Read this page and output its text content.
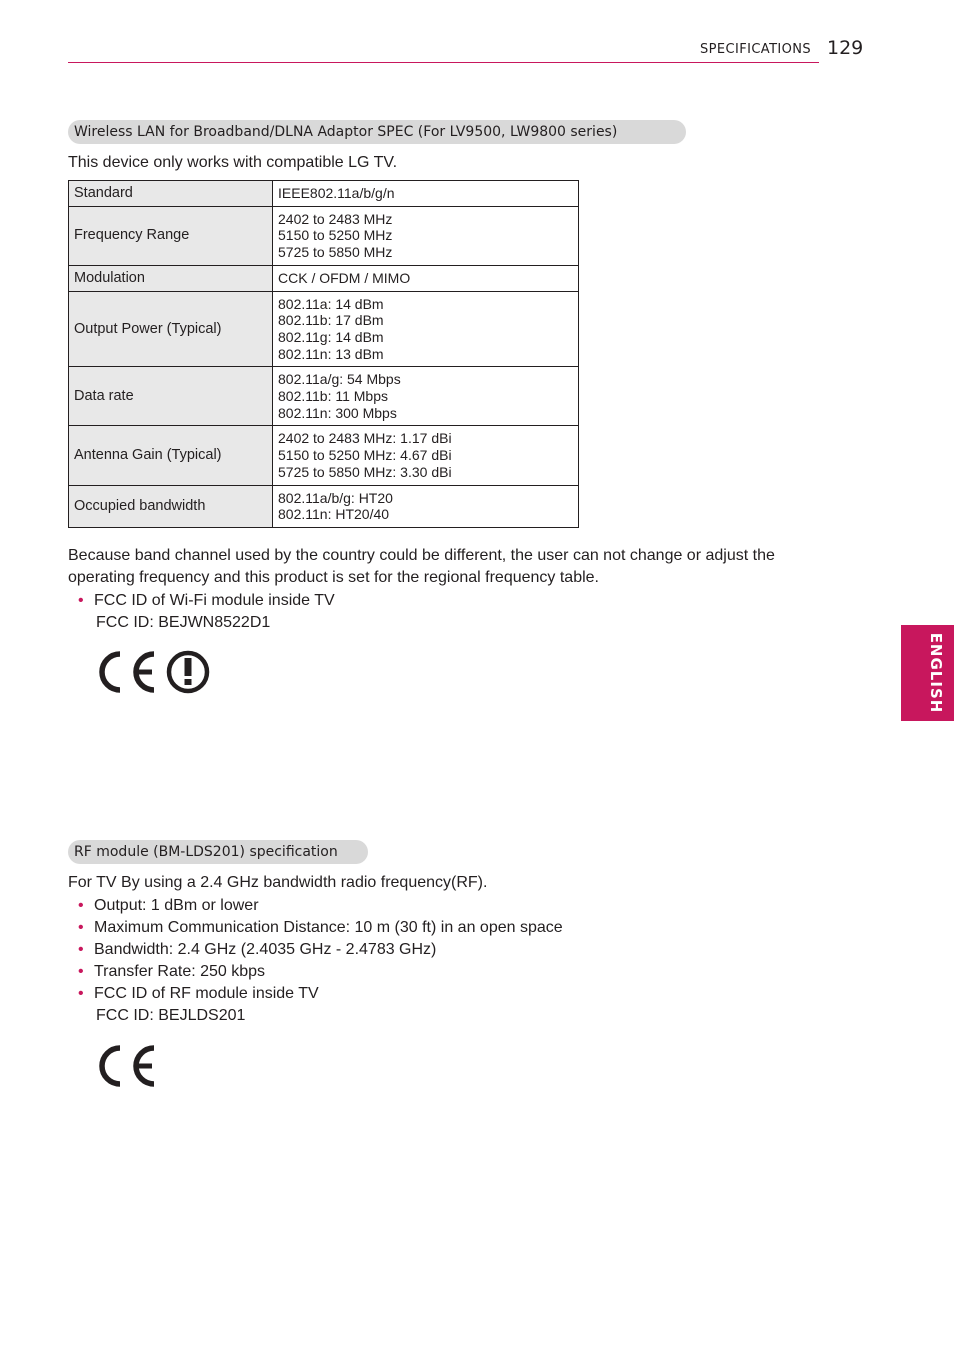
SPECIFICATIONS 129
ENGLISH
Wireless LAN for Broadband/DLNA Adaptor SPEC (For LV9500, LW9800 series)

This device only works with compatible LG TV.

Standard	IEEE802.11a/b/g/n

Frequency Range	2402 to 2483 MHz
5150 to 5250 MHz
5725 to 5850 MHz

Modulation	CCK / OFDM / MIMO

Output Power (Typical)	802.11a: 14 dBm
802.11b: 17 dBm
802.11g: 14 dBm
802.11n: 13 dBm

Data rate	802.11a/g: 54 Mbps
802.11b: 11 Mbps
802.11n: 300 Mbps

Antenna Gain (Typical)	2402 to 2483 MHz: 1.17 dBi
5150 to 5250 MHz: 4.67 dBi
5725 to 5850 MHz: 3.30 dBi

Occupied bandwidth	802.11a/b/g: HT20
802.11n: HT20/40

Because band channel used by the country could be different, the user can not change or adjust the operating frequency and this product is set for the regional frequency table.

• FCC ID of Wi-Fi module inside TV
FCC ID: BEJWN8522D1
RF module (BM-LDS201) specification

For TV By using a 2.4 GHz bandwidth radio frequency(RF).

• Output: 1 dBm or lower
• Maximum Communication Distance: 10 m (30 ft) in an open space
• Bandwidth: 2.4 GHz (2.4035 GHz - 2.4783 GHz)
• Transfer Rate: 250 kbps
• FCC ID of RF module inside TV
FCC ID: BEJLDS201
